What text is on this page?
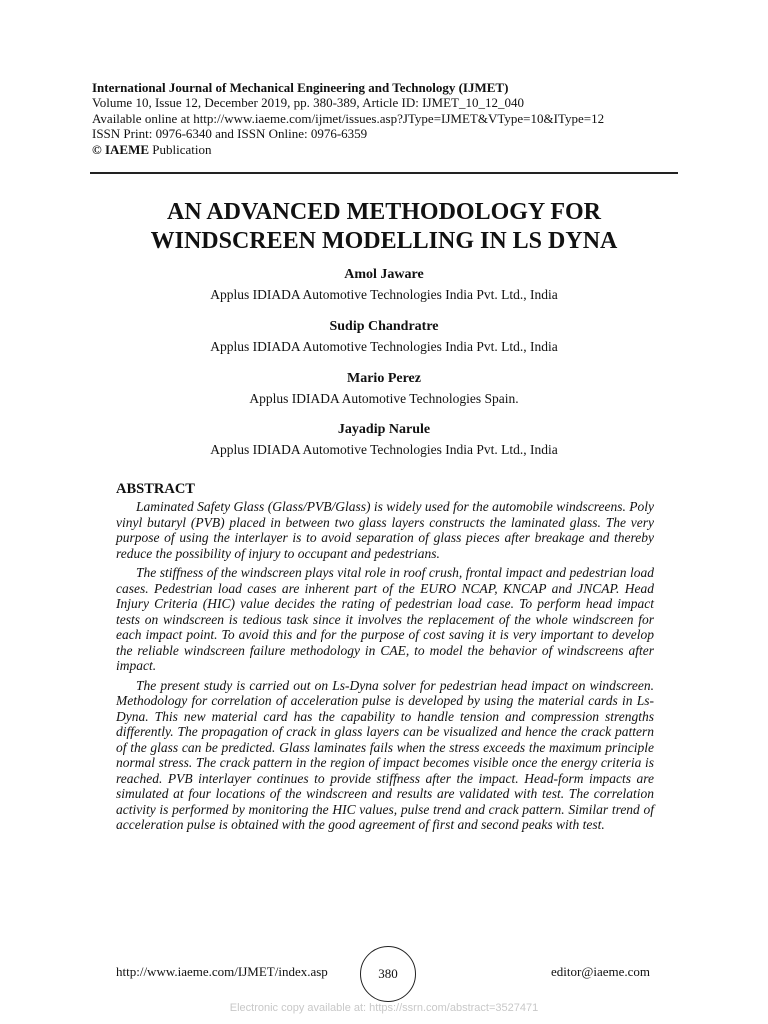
International Journal of Mechanical Engineering and Technology (IJMET)
Volume 10, Issue 12, December 2019, pp. 380-389, Article ID: IJMET_10_12_040
Available online at http://www.iaeme.com/ijmet/issues.asp?JType=IJMET&VType=10&IType=12
ISSN Print: 0976-6340 and ISSN Online: 0976-6359
© IAEME Publication
AN ADVANCED METHODOLOGY FOR
WINDSCREEN MODELLING IN LS DYNA
Amol Jaware
Applus IDIADA Automotive Technologies India Pvt. Ltd., India
Sudip Chandratre
Applus IDIADA Automotive Technologies India Pvt. Ltd., India
Mario Perez
Applus IDIADA Automotive Technologies Spain.
Jayadip Narule
Applus IDIADA Automotive Technologies India Pvt. Ltd., India
ABSTRACT

Laminated Safety Glass (Glass/PVB/Glass) is widely used for the automobile windscreens. Poly vinyl butaryl (PVB) placed in between two glass layers constructs the laminated glass. The very purpose of using the interlayer is to avoid separation of glass pieces after breakage and thereby reduce the possibility of injury to occupant and pedestrians.

The stiffness of the windscreen plays vital role in roof crush, frontal impact and pedestrian load cases. Pedestrian load cases are inherent part of the EURO NCAP, KNCAP and JNCAP. Head Injury Criteria (HIC) value decides the rating of pedestrian load case. To perform head impact tests on windscreen is tedious task since it involves the replacement of the whole windscreen for each impact point. To avoid this and for the purpose of cost saving it is very important to develop the reliable windscreen failure methodology in CAE, to model the behavior of windscreens after impact.

The present study is carried out on Ls-Dyna solver for pedestrian head impact on windscreen. Methodology for correlation of acceleration pulse is developed by using the material cards in Ls-Dyna. This new material card has the capability to handle tension and compression strengths differently. The propagation of crack in glass layers can be visualized and hence the crack pattern of the glass can be predicted. Glass laminates fails when the stress exceeds the maximum principle normal stress. The crack pattern in the region of impact becomes visible once the energy criteria is reached. PVB interlayer continues to provide stiffness after the impact. Head-form impacts are simulated at four locations of the windscreen and results are validated with test. The correlation activity is performed by monitoring the HIC values, pulse trend and crack pattern. Similar trend of acceleration pulse is obtained with the good agreement of first and second peaks with test.

http://www.iaeme.com/IJMET/index.asp	380	editor@iaeme.com
Electronic copy available at: https://ssrn.com/abstract=3527471
